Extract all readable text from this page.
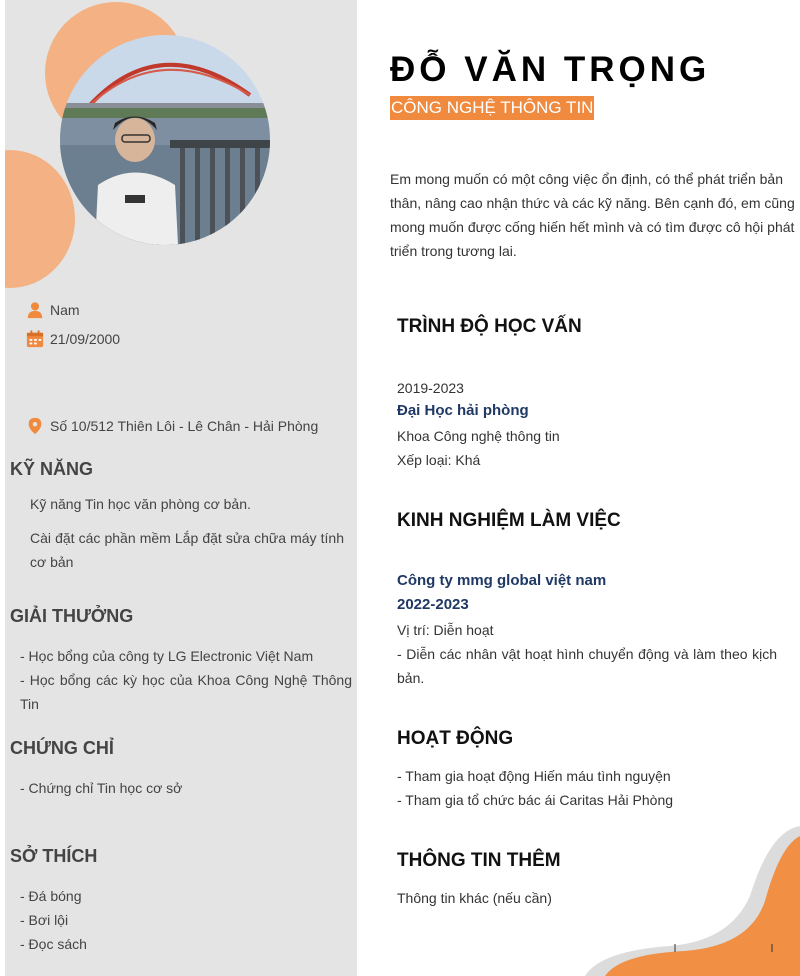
Nam
21/09/2000
Số 10/512 Thiên Lôi - Lê Chân - Hải Phòng
KỸ NĂNG
Kỹ năng Tin học văn phòng cơ bản.
Cài đặt các phần mềm Lắp đặt sửa chữa máy tính cơ bản
GIẢI THƯỞNG
- Học bổng của công ty LG Electronic Việt Nam
- Học bổng các kỳ học của Khoa Công Nghệ Thông Tin
CHỨNG CHỈ
- Chứng chỉ Tin học cơ sở
SỞ THÍCH
- Đá bóng
- Bơi lội
- Đọc sách
ĐỖ VĂN TRỌNG
CÔNG NGHỆ THÔNG TIN
Em mong muốn có một công việc ổn định, có thể phát triển bản thân, nâng cao nhận thức và các kỹ năng. Bên cạnh đó, em cũng mong muốn được cống hiến hết mình và có tìm được cô hội phát triển trong tương lai.
TRÌNH ĐỘ HỌC VẤN
2019-2023
Đại Học hải phòng
Khoa Công nghệ thông tin
Xếp loại: Khá
KINH NGHIỆM LÀM VIỆC
Công ty mmg global việt nam
2022-2023
Vị trí: Diễn hoạt
- Diễn các nhân vật hoạt hình chuyển động và làm theo kịch bản.
HOẠT ĐỘNG
- Tham gia hoạt động Hiến máu tình nguyện
- Tham gia tổ chức bác ái Caritas Hải Phòng
THÔNG TIN THÊM
Thông tin khác (nếu cần)
